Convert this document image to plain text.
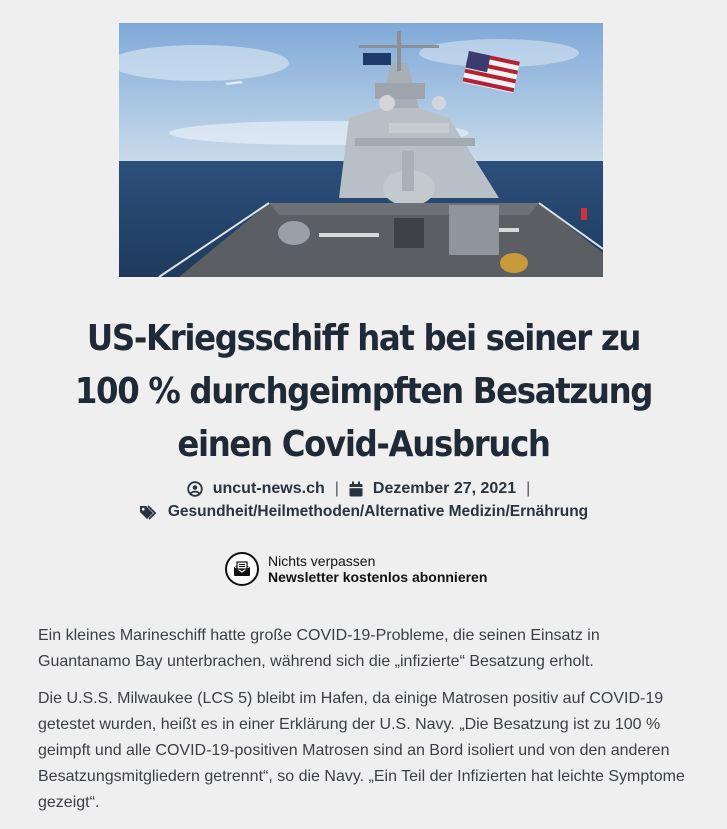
US-Kriegsschiff hat bei seiner zu 100 % durchgeimpften Besatzung einen Covid-Ausbruch
uncut-news.ch | Dezember 27, 2021 |
Gesundheit/Heilmethoden/Alternative Medizin/Ernährung
Nichts verpassen
Newsletter kostenlos abonnieren

Ein kleines Marineschiff hatte große COVID-19-Probleme, die seinen Einsatz in Guantanamo Bay unterbrachen, während sich die „infizierte“ Besatzung erholt.

Die U.S.S. Milwaukee (LCS 5) bleibt im Hafen, da einige Matrosen positiv auf COVID-19 getestet wurden, heißt es in einer Erklärung der U.S. Navy. „Die Besatzung ist zu 100 % geimpft und alle COVID-19-positiven Matrosen sind an Bord isoliert und von den anderen Besatzungsmitgliedern getrennt“, so die Navy. „Ein Teil der Infizierten hat leichte Symptome gezeigt“.
